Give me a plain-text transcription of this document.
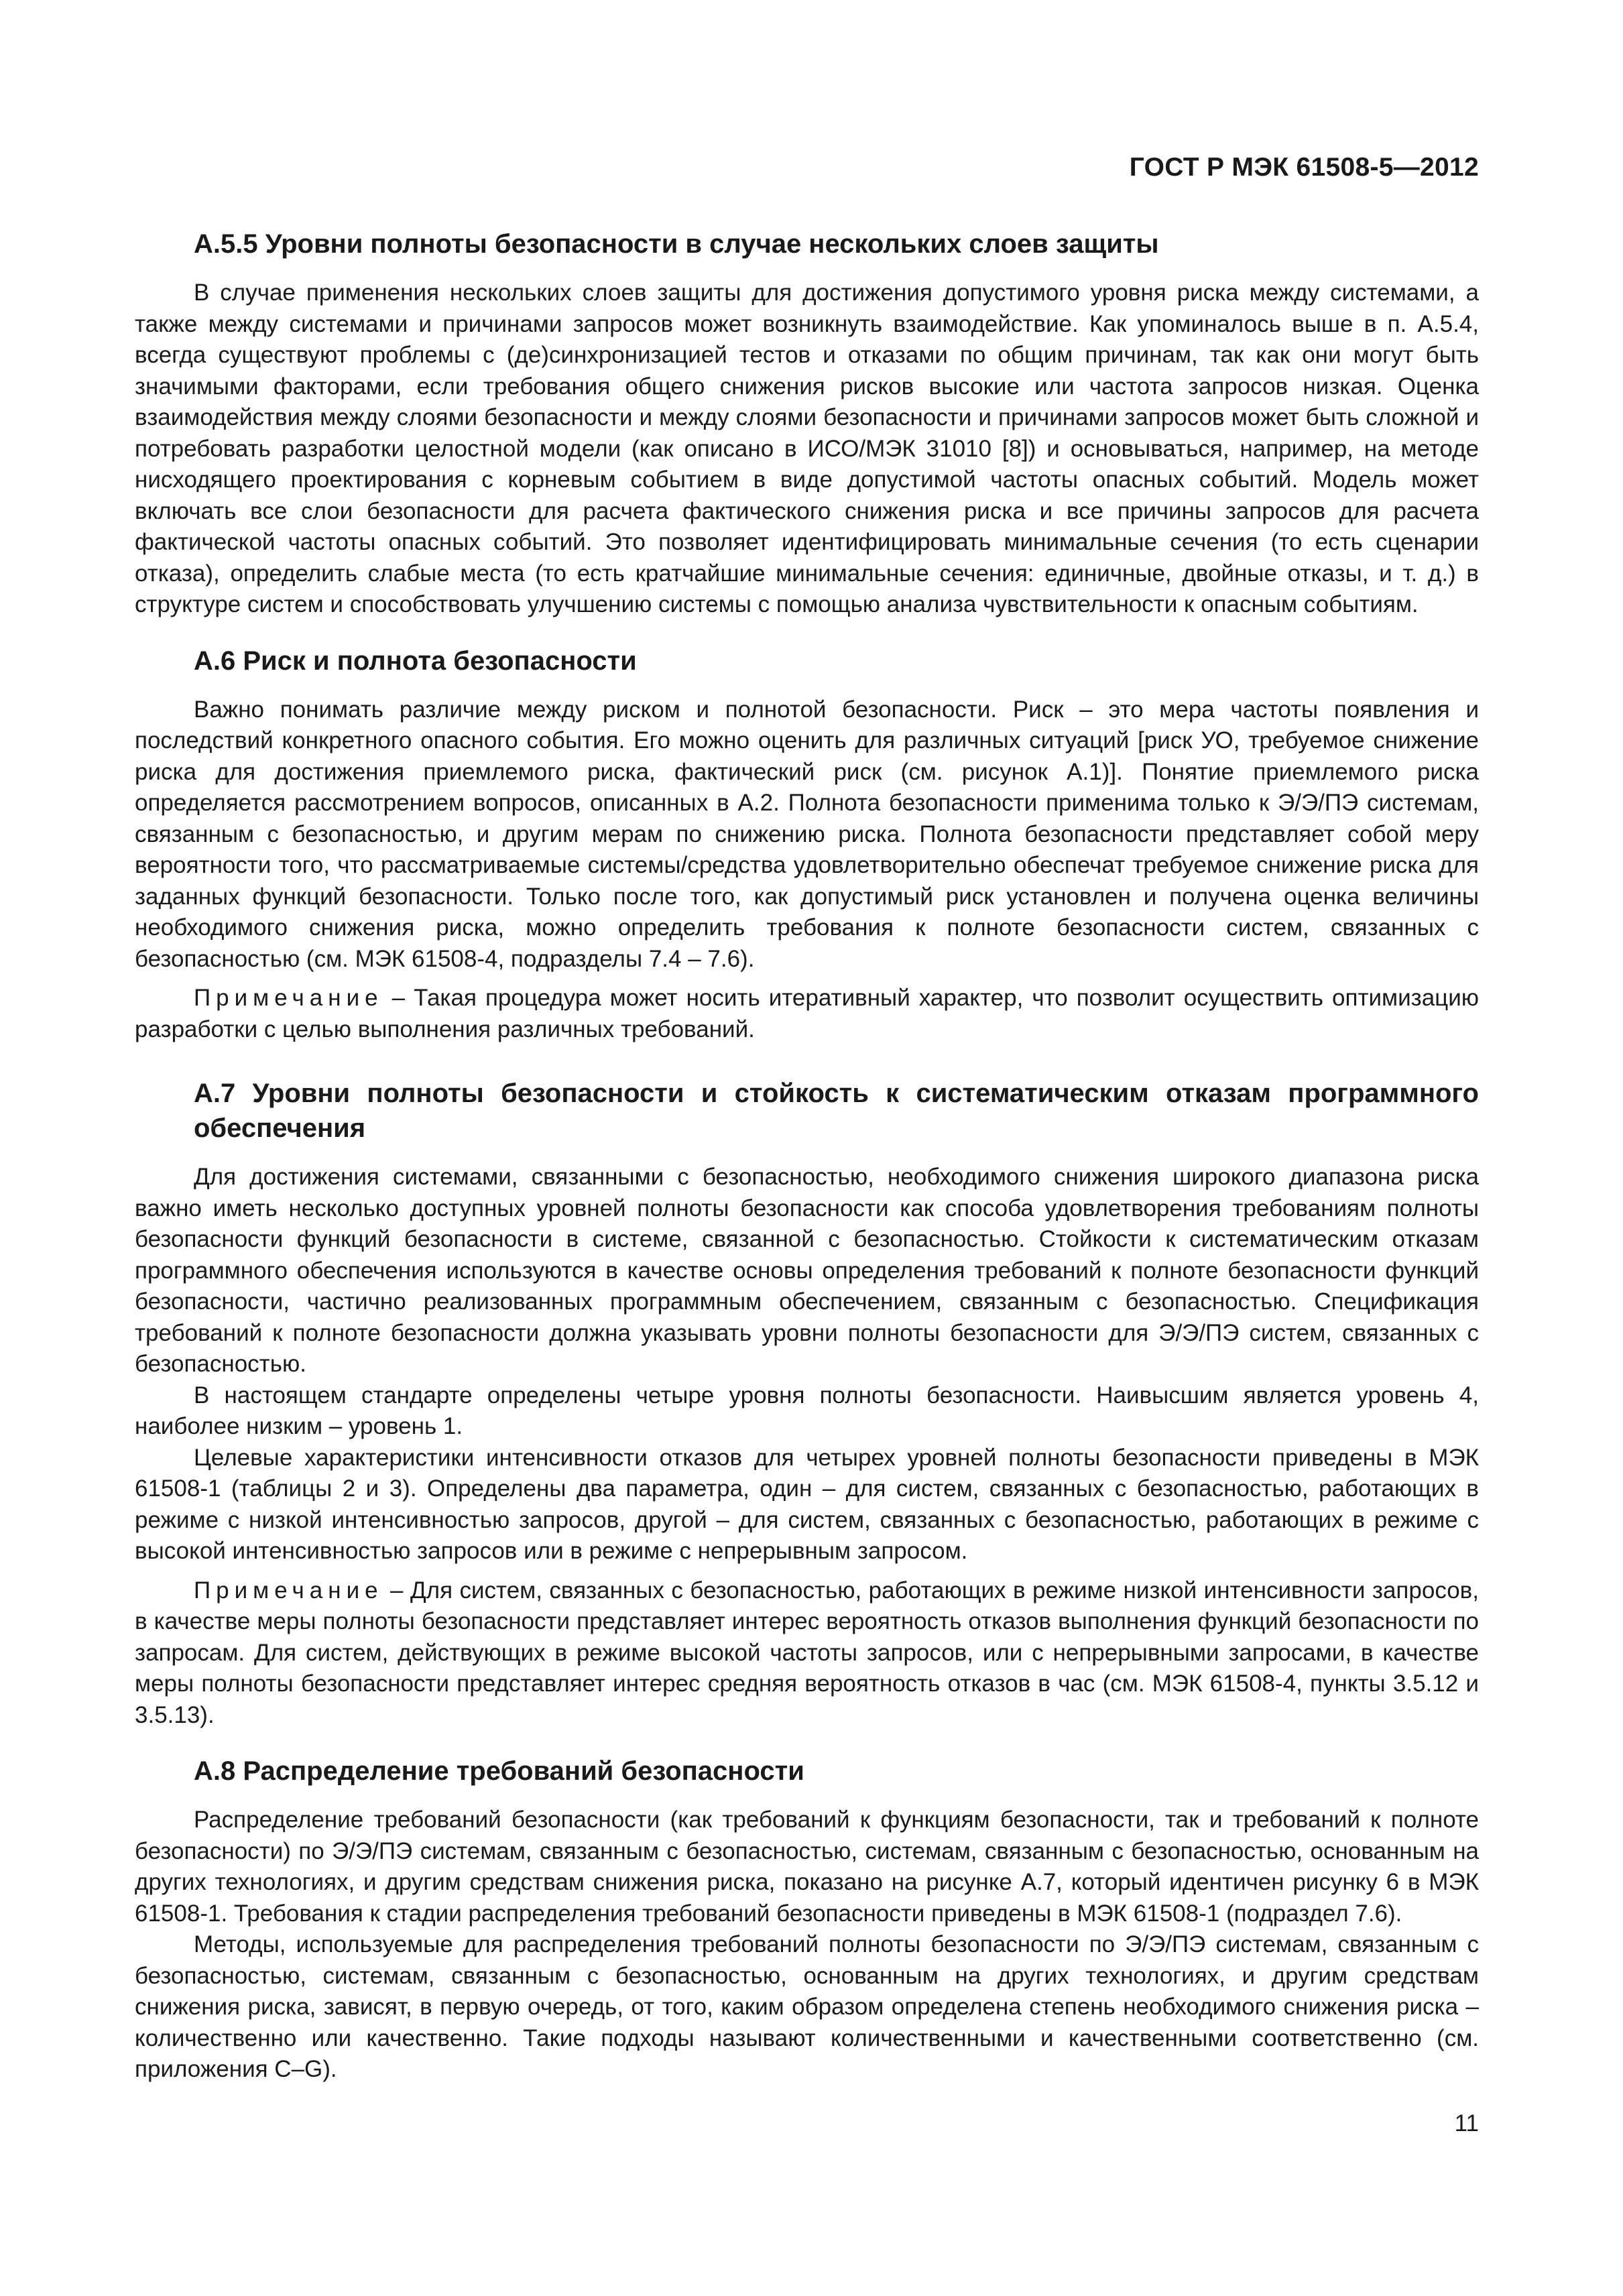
ГОСТ Р МЭК 61508-5—2012
А.5.5 Уровни полноты безопасности в случае нескольких слоев защиты

В случае применения нескольких слоев защиты для достижения допустимого уровня риска между системами, а также между системами и причинами запросов может возникнуть взаимодействие. Как упоминалось выше в п. А.5.4, всегда существуют проблемы с (де)синхронизацией тестов и отказами по общим причинам, так как они могут быть значимыми факторами, если требования общего снижения рисков высокие или частота запросов низкая. Оценка взаимодействия между слоями безопасности и между слоями безопасности и причинами запросов может быть сложной и потребовать разработки целостной модели (как описано в ИСО/МЭК 31010 [8]) и основываться, например, на методе нисходящего проектирования с корневым событием в виде допустимой частоты опасных событий. Модель может включать все слои безопасности для расчета фактического снижения риска и все причины запросов для расчета фактической частоты опасных событий. Это позволяет идентифицировать минимальные сечения (то есть сценарии отказа), определить слабые места (то есть кратчайшие минимальные сечения: единичные, двойные отказы, и т. д.) в структуре систем и способствовать улучшению системы с помощью анализа чувствительности к опасным событиям.

А.6 Риск и полнота безопасности

Важно понимать различие между риском и полнотой безопасности. Риск – это мера частоты появления и последствий конкретного опасного события. Его можно оценить для различных ситуаций [риск УО, требуемое снижение риска для достижения приемлемого риска, фактический риск (см. рисунок А.1)]. Понятие приемлемого риска определяется рассмотрением вопросов, описанных в А.2. Полнота безопасности применима только к Э/Э/ПЭ системам, связанным с безопасностью, и другим мерам по снижению риска. Полнота безопасности представляет собой меру вероятности того, что рассматриваемые системы/средства удовлетворительно обеспечат требуемое снижение риска для заданных функций безопасности. Только после того, как допустимый риск установлен и получена оценка величины необходимого снижения риска, можно определить требования к полноте безопасности систем, связанных с безопасностью (см. МЭК 61508-4, подразделы 7.4 – 7.6).

Примечание – Такая процедура может носить итеративный характер, что позволит осуществить оптимизацию разработки с целью выполнения различных требований.

А.7 Уровни полноты безопасности и стойкость к систематическим отказам программного обеспечения

Для достижения системами, связанными с безопасностью, необходимого снижения широкого диапазона риска важно иметь несколько доступных уровней полноты безопасности как способа удовлетворения требованиям полноты безопасности функций безопасности в системе, связанной с безопасностью. Стойкости к систематическим отказам программного обеспечения используются в качестве основы определения требований к полноте безопасности функций безопасности, частично реализованных программным обеспечением, связанным с безопасностью. Спецификация требований к полноте безопасности должна указывать уровни полноты безопасности для Э/Э/ПЭ систем, связанных с безопасностью.

В настоящем стандарте определены четыре уровня полноты безопасности. Наивысшим является уровень 4, наиболее низким – уровень 1.

Целевые характеристики интенсивности отказов для четырех уровней полноты безопасности приведены в МЭК 61508-1 (таблицы 2 и 3). Определены два параметра, один – для систем, связанных с безопасностью, работающих в режиме с низкой интенсивностью запросов, другой – для систем, связанных с безопасностью, работающих в режиме с высокой интенсивностью запросов или в режиме с непрерывным запросом.

Примечание – Для систем, связанных с безопасностью, работающих в режиме низкой интенсивности запросов, в качестве меры полноты безопасности представляет интерес вероятность отказов выполнения функций безопасности по запросам. Для систем, действующих в режиме высокой частоты запросов, или с непрерывными запросами, в качестве меры полноты безопасности представляет интерес средняя вероятность отказов в час (см. МЭК 61508-4, пункты 3.5.12 и 3.5.13).

А.8 Распределение требований безопасности

Распределение требований безопасности (как требований к функциям безопасности, так и требований к полноте безопасности) по Э/Э/ПЭ системам, связанным с безопасностью, системам, связанным с безопасностью, основанным на других технологиях, и другим средствам снижения риска, показано на рисунке А.7, который идентичен рисунку 6 в МЭК 61508-1. Требования к стадии распределения требований безопасности приведены в МЭК 61508-1 (подраздел 7.6).

Методы, используемые для распределения требований полноты безопасности по Э/Э/ПЭ системам, связанным с безопасностью, системам, связанным с безопасностью, основанным на других технологиях, и другим средствам снижения риска, зависят, в первую очередь, от того, каким образом определена степень необходимого снижения риска – количественно или качественно. Такие подходы называют количественными и качественными соответственно (см. приложения C–G).

11
